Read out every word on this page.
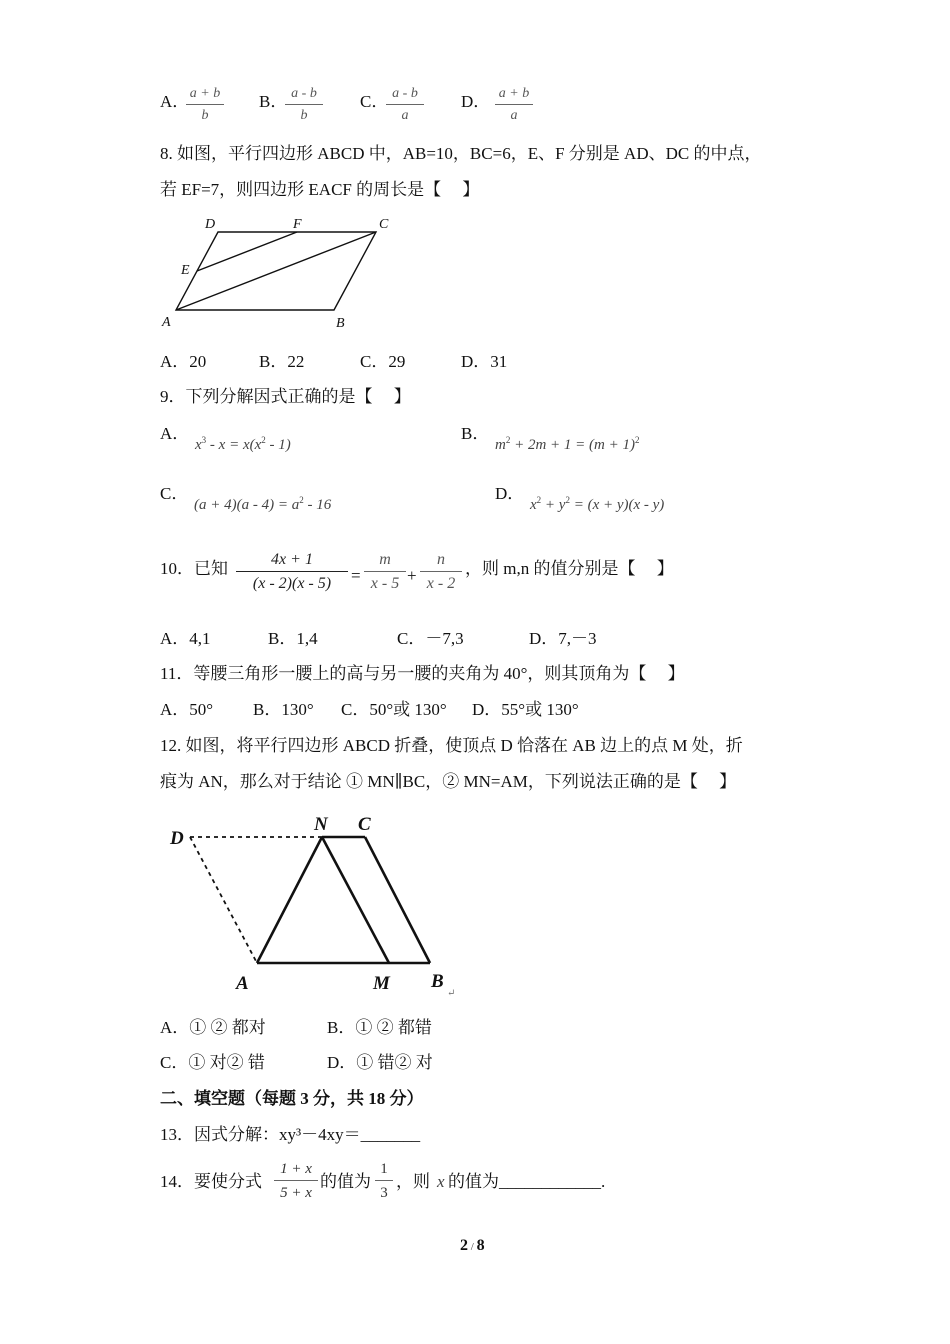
A． a + b
b
B． a - b
b
C． a - b
a
D． a + b
a
8. 如图，平行四边形 ABCD 中，AB=10，BC=6，E、F 分别是 AD、DC 的中点，
若 EF=7，则四边形 EACF 的周长是【　 】
D	F	C
E
A	B
A．20	B．22	C．29	D．31
9．下列分解因式正确的是【　 】
A．
$x^3 - x = x(x^2 - 1)$
B．
$m^2 + 2m + 1 = (m + 1)^2$
C．
$(a + 4)(a - 4) = a^2 - 16$
D．
$x^2 + y^2 = (x + y)(x - y)$
10．已知	4x + 1
(x - 2)(x - 5)	=
m
x - 5 +
n
x - 2
，则 m,n 的值分别是【　 】
A．4,1	B．1,4	C．－7,3	D．7,－3
11．等腰三角形一腰上的高与另一腰的夹角为 40°，则其顶角为【　 】
A．50° B．130° C．50°或 130° D．55°或 130°
12. 如图，将平行四边形 ABCD 折叠，使顶点 D 恰落在 AB 边上的点 M 处，折
痕为 AN，那么对于结论 ① MN∥BC，② MN=AM，下列说法正确的是【　 】
D
N C
A	M B
↵
A．① ② 都对	B．① ② 都错
C．① 对② 错	D．① 错② 对
二、填空题（每题 3 分，共 18 分）
13．因式分解：xy³－4xy＝_______
14．要使分式
1 + x
5 + x
的值为
1
3
，则 x 的值为____________.
2 / 8
